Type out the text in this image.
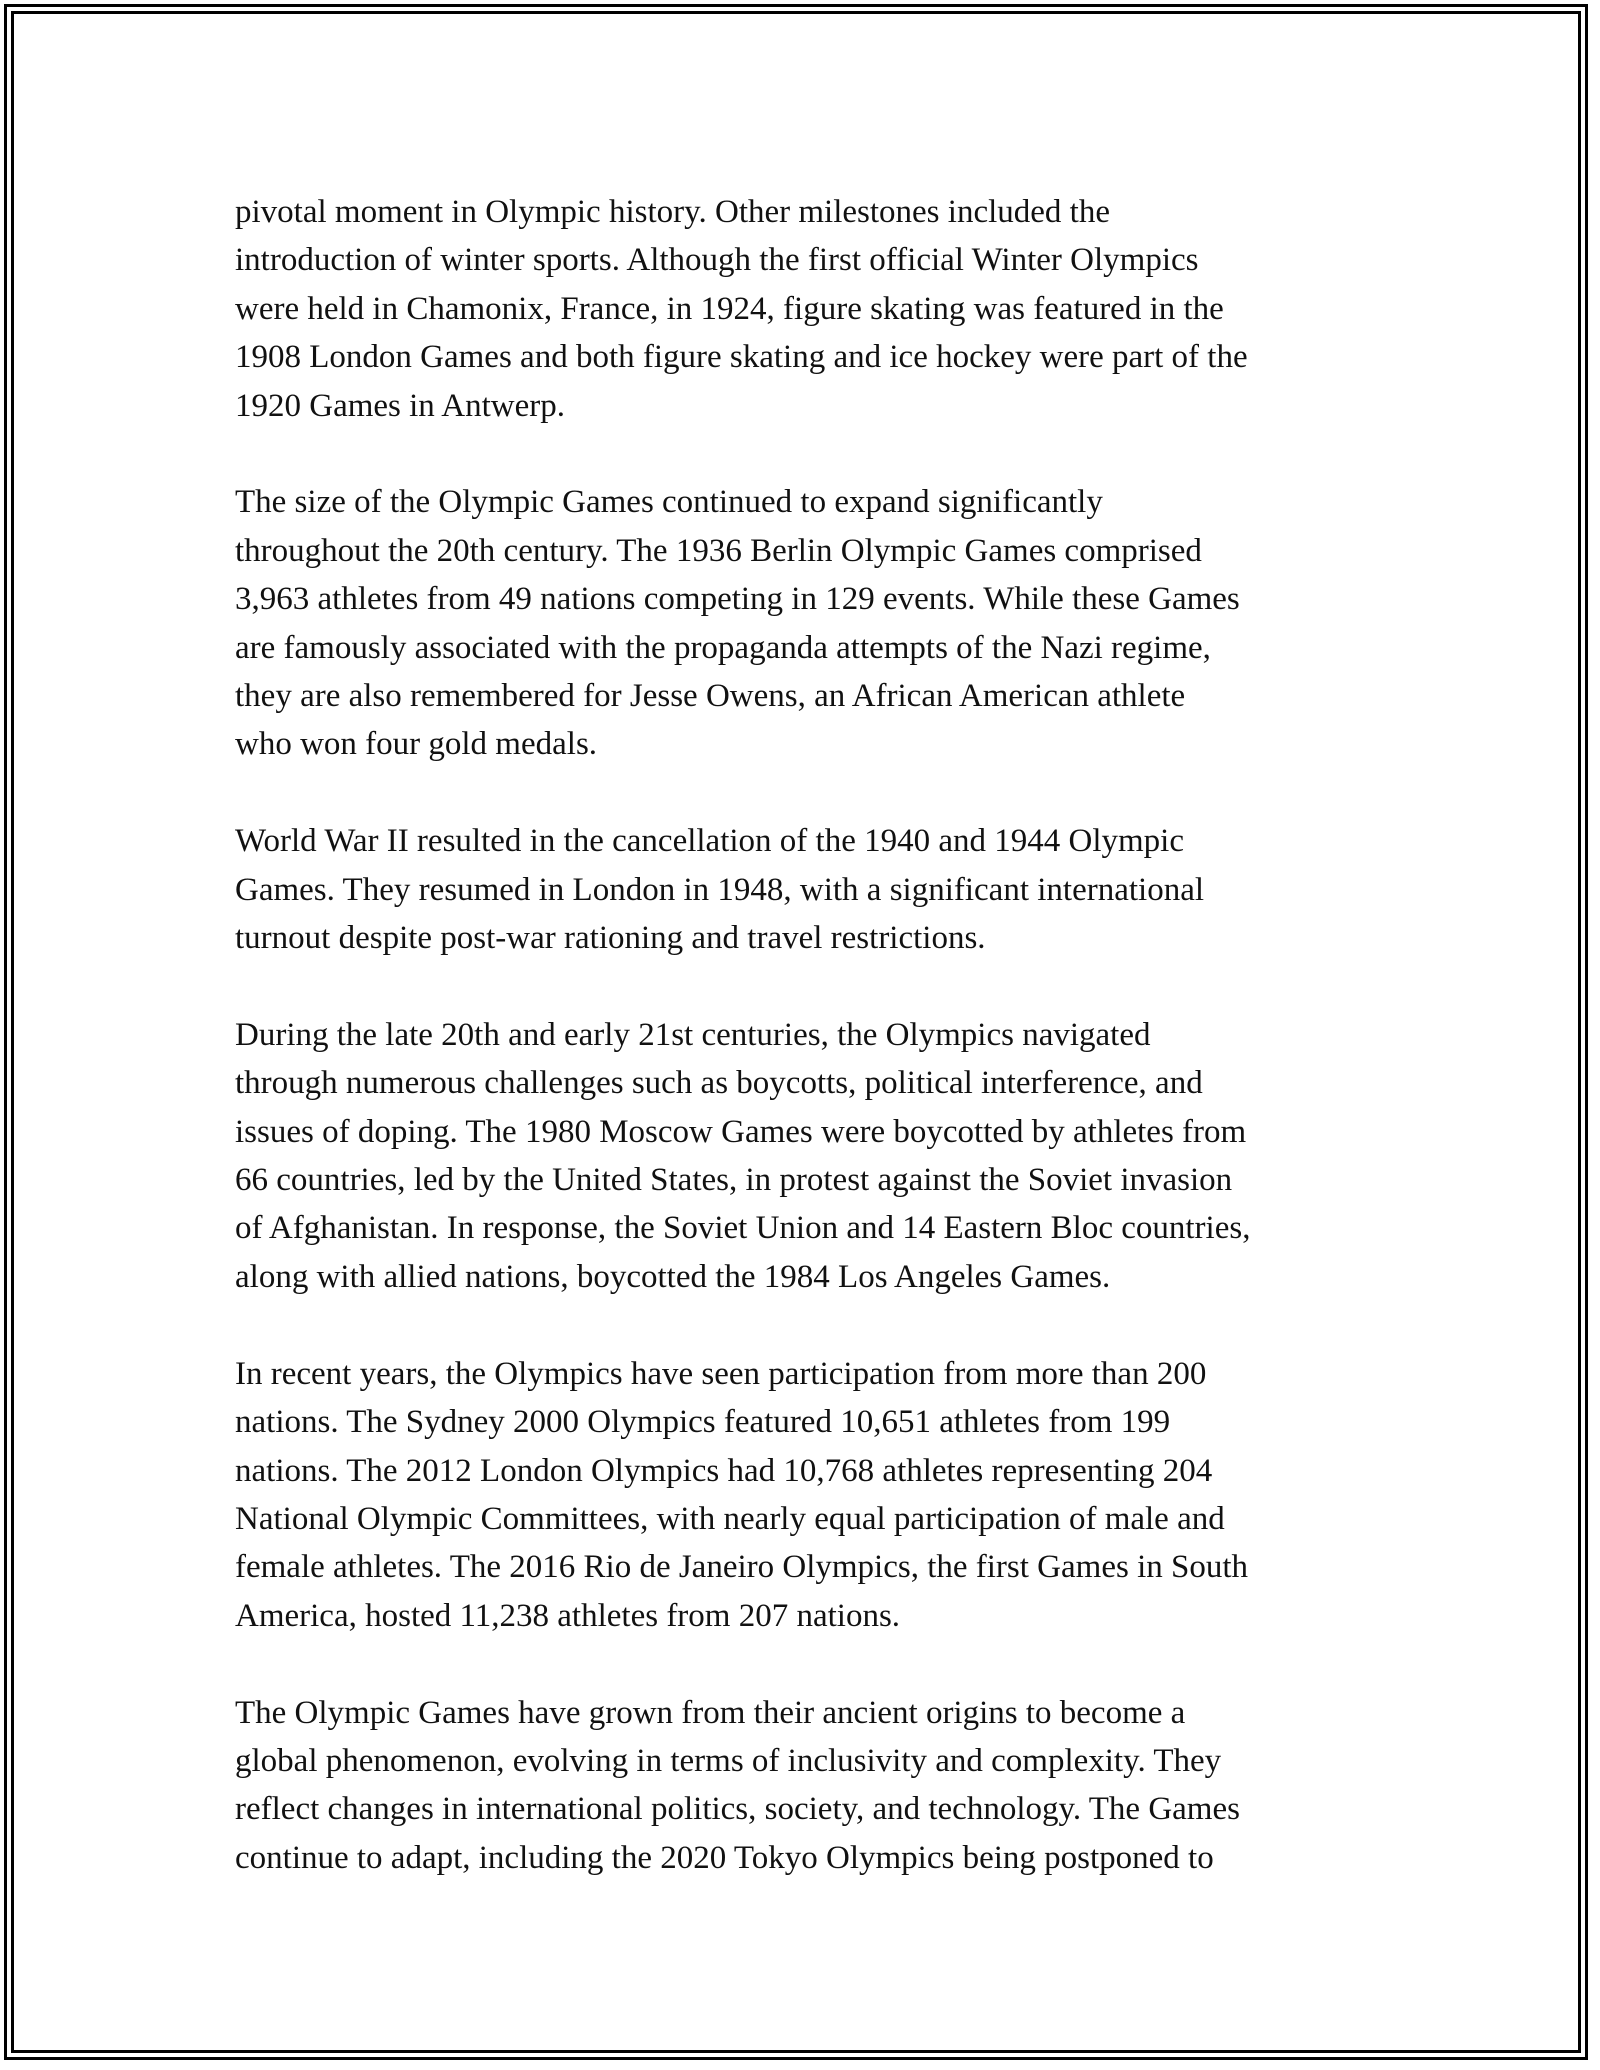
pivotal moment in Olympic history. Other milestones included the
introduction of winter sports. Although the first official Winter Olympics
were held in Chamonix, France, in 1924, figure skating was featured in the
1908 London Games and both figure skating and ice hockey were part of the
1920 Games in Antwerp.

The size of the Olympic Games continued to expand significantly
throughout the 20th century. The 1936 Berlin Olympic Games comprised
3,963 athletes from 49 nations competing in 129 events. While these Games
are famously associated with the propaganda attempts of the Nazi regime,
they are also remembered for Jesse Owens, an African American athlete
who won four gold medals.

World War II resulted in the cancellation of the 1940 and 1944 Olympic
Games. They resumed in London in 1948, with a significant international
turnout despite post-war rationing and travel restrictions.

During the late 20th and early 21st centuries, the Olympics navigated
through numerous challenges such as boycotts, political interference, and
issues of doping. The 1980 Moscow Games were boycotted by athletes from
66 countries, led by the United States, in protest against the Soviet invasion
of Afghanistan. In response, the Soviet Union and 14 Eastern Bloc countries,
along with allied nations, boycotted the 1984 Los Angeles Games.

In recent years, the Olympics have seen participation from more than 200
nations. The Sydney 2000 Olympics featured 10,651 athletes from 199
nations. The 2012 London Olympics had 10,768 athletes representing 204
National Olympic Committees, with nearly equal participation of male and
female athletes. The 2016 Rio de Janeiro Olympics, the first Games in South
America, hosted 11,238 athletes from 207 nations.

The Olympic Games have grown from their ancient origins to become a
global phenomenon, evolving in terms of inclusivity and complexity. They
reflect changes in international politics, society, and technology. The Games
continue to adapt, including the 2020 Tokyo Olympics being postponed to
